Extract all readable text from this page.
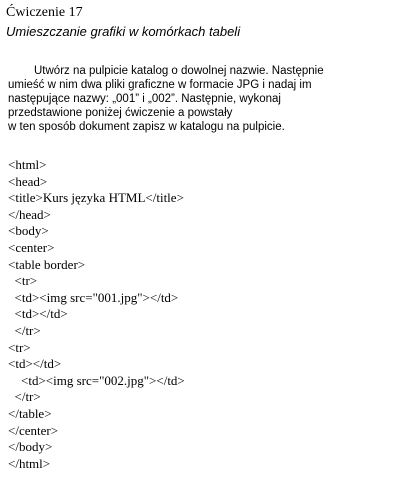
Ćwiczenie 17
Umieszczanie grafiki w komórkach tabeli
Utwórz na pulpicie katalog o dowolnej nazwie. Następnie
umieść w nim dwa pliki graficzne w formacie JPG i nadaj im
następujące nazwy: „001” i „002”. Następnie, wykonaj
przedstawione poniżej ćwiczenie a powstały
w ten sposób dokument zapisz w katalogu na pulpicie.
<html>
<head>
<title>Kurs języka HTML</title>
</head>
<body>
<center>
<table border>
<tr>
<td><img src="001.jpg"></td>
<td></td>
</tr>
<tr>
<td></td>
<td><img src="002.jpg"></td>
</tr>
</table>
</center>
</body>
</html>
